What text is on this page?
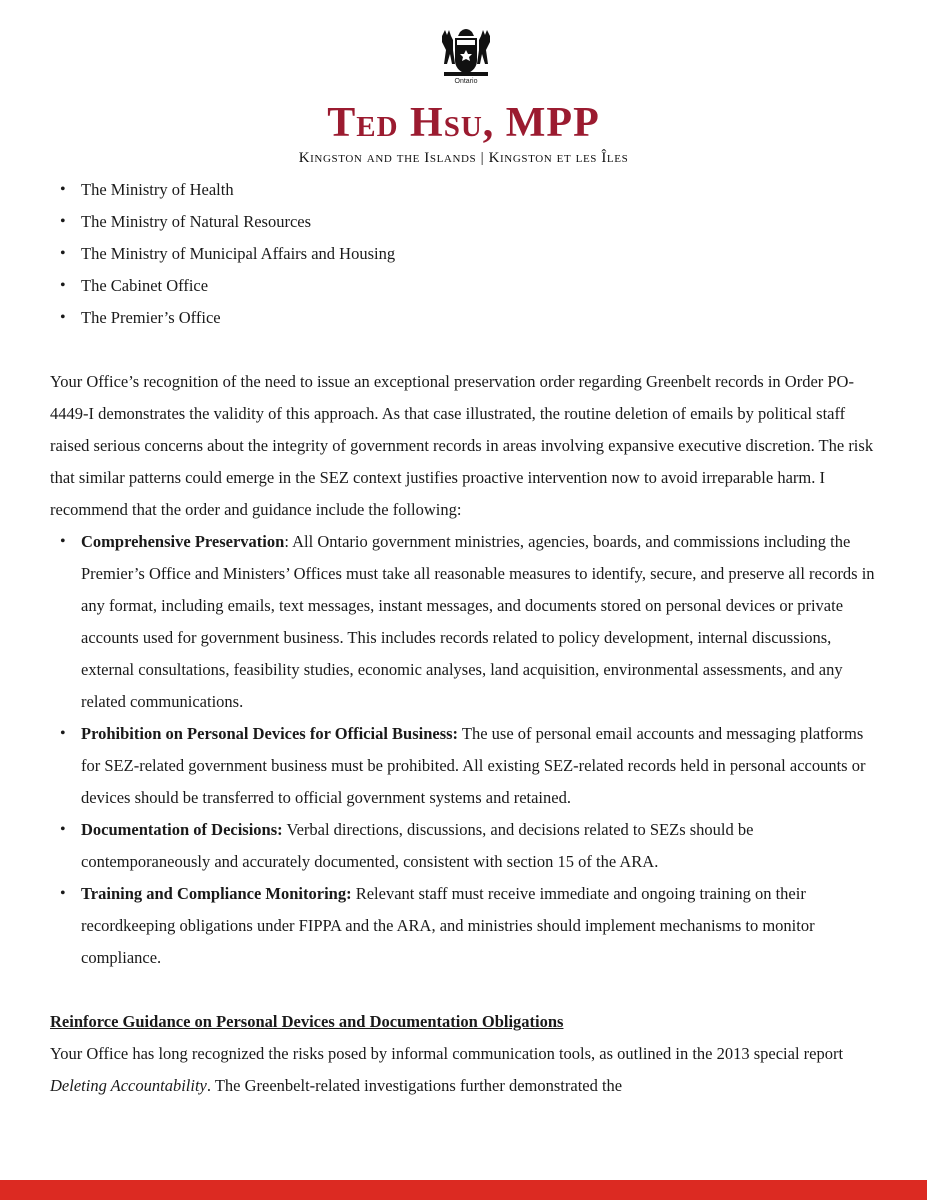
Ontario
Ted Hsu, MPP
Kingston and the Islands | Kingston et les Îles
• The Ministry of Health
• The Ministry of Natural Resources
• The Ministry of Municipal Affairs and Housing
• The Cabinet Office
• The Premier’s Office

Your Office’s recognition of the need to issue an exceptional preservation order regarding Greenbelt records in Order PO-4449-I demonstrates the validity of this approach. As that case illustrated, the routine deletion of emails by political staff raised serious concerns about the integrity of government records in areas involving expansive executive discretion. The risk that similar patterns could emerge in the SEZ context justifies proactive intervention now to avoid irreparable harm. I recommend that the order and guidance include the following:

• Comprehensive Preservation: All Ontario government ministries, agencies, boards, and commissions including the Premier’s Office and Ministers’ Offices must take all reasonable measures to identify, secure, and preserve all records in any format, including emails, text messages, instant messages, and documents stored on personal devices or private accounts used for government business. This includes records related to policy development, internal discussions, external consultations, feasibility studies, economic analyses, land acquisition, environmental assessments, and any related communications.
• Prohibition on Personal Devices for Official Business: The use of personal email accounts and messaging platforms for SEZ-related government business must be prohibited. All existing SEZ-related records held in personal accounts or devices should be transferred to official government systems and retained.
• Documentation of Decisions: Verbal directions, discussions, and decisions related to SEZs should be contemporaneously and accurately documented, consistent with section 15 of the ARA.
• Training and Compliance Monitoring: Relevant staff must receive immediate and ongoing training on their recordkeeping obligations under FIPPA and the ARA, and ministries should implement mechanisms to monitor compliance.
Reinforce Guidance on Personal Devices and Documentation Obligations

Your Office has long recognized the risks posed by informal communication tools, as outlined in the 2013 special report Deleting Accountability. The Greenbelt-related investigations further demonstrated the
